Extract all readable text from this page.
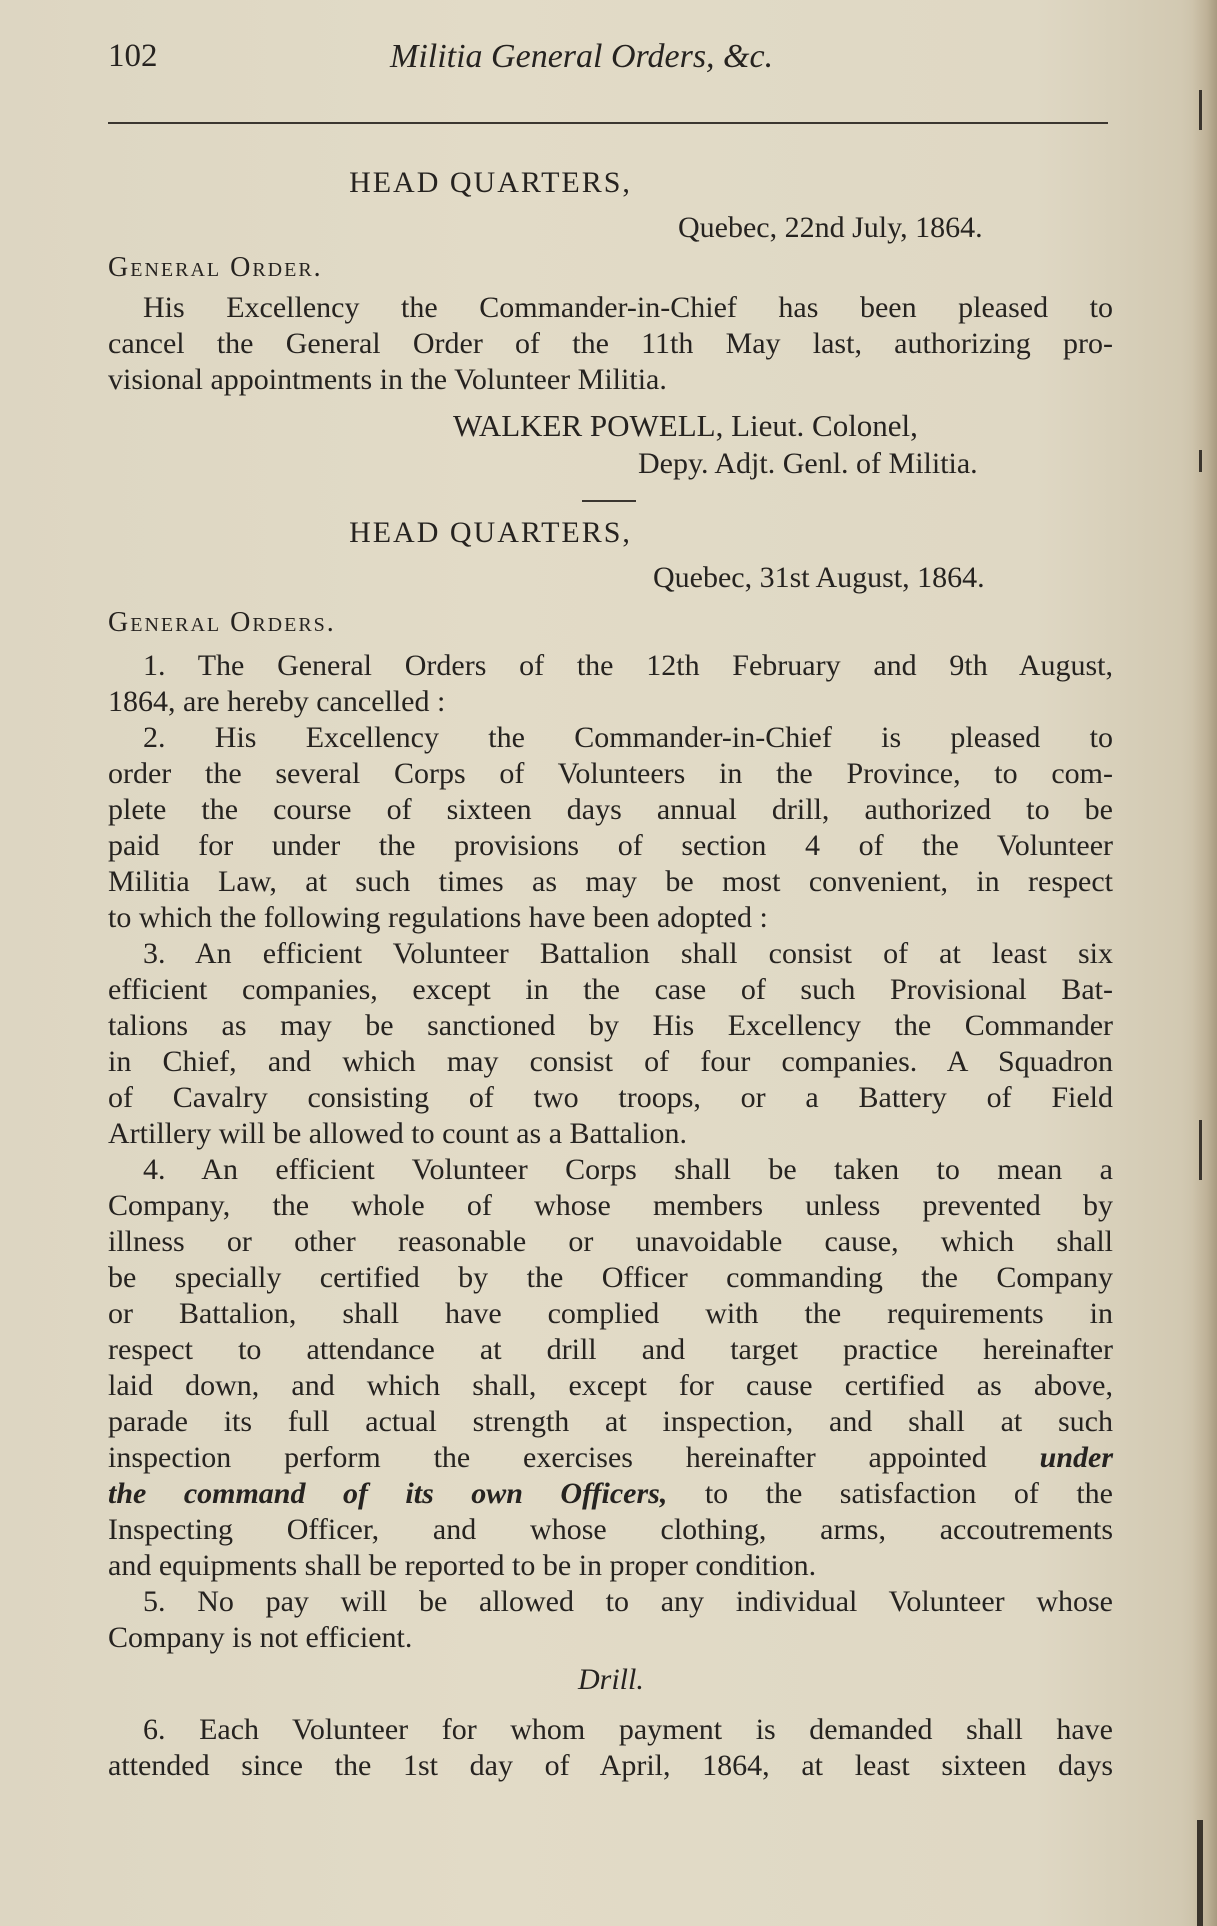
102	Militia General Orders, &c.
HEAD QUARTERS,
Quebec, 22nd July, 1864.
General Order.
His Excellency the Commander-in-Chief has been pleased to
cancel the General Order of the 11th May last, authorizing pro-
visional appointments in the Volunteer Militia.
WALKER POWELL, Lieut. Colonel,
Depy. Adjt. Genl. of Militia.
HEAD QUARTERS,
Quebec, 31st August, 1864.
General Orders.
1. The General Orders of the 12th February and 9th August,
1864, are hereby cancelled :
2. His Excellency the Commander-in-Chief is pleased to
order the several Corps of Volunteers in the Province, to com-
plete the course of sixteen days annual drill, authorized to be
paid for under the provisions of section 4 of the Volunteer
Militia Law, at such times as may be most convenient, in respect
to which the following regulations have been adopted :
3. An efficient Volunteer Battalion shall consist of at least six
efficient companies, except in the case of such Provisional Bat-
talions as may be sanctioned by His Excellency the Commander
in Chief, and which may consist of four companies. A Squadron
of Cavalry consisting of two troops, or a Battery of Field
Artillery will be allowed to count as a Battalion.
4. An efficient Volunteer Corps shall be taken to mean a
Company, the whole of whose members unless prevented by
illness or other reasonable or unavoidable cause, which shall
be specially certified by the Officer commanding the Company
or Battalion, shall have complied with the requirements in
respect to attendance at drill and target practice hereinafter
laid down, and which shall, except for cause certified as above,
parade its full actual strength at inspection, and shall at such
inspection perform the exercises hereinafter appointed under
the command of its own Officers, to the satisfaction of the
Inspecting Officer, and whose clothing, arms, accoutrements
and equipments shall be reported to be in proper condition.
5. No pay will be allowed to any individual Volunteer whose
Company is not efficient.
Drill.
6. Each Volunteer for whom payment is demanded shall have
attended since the 1st day of April, 1864, at least sixteen days
